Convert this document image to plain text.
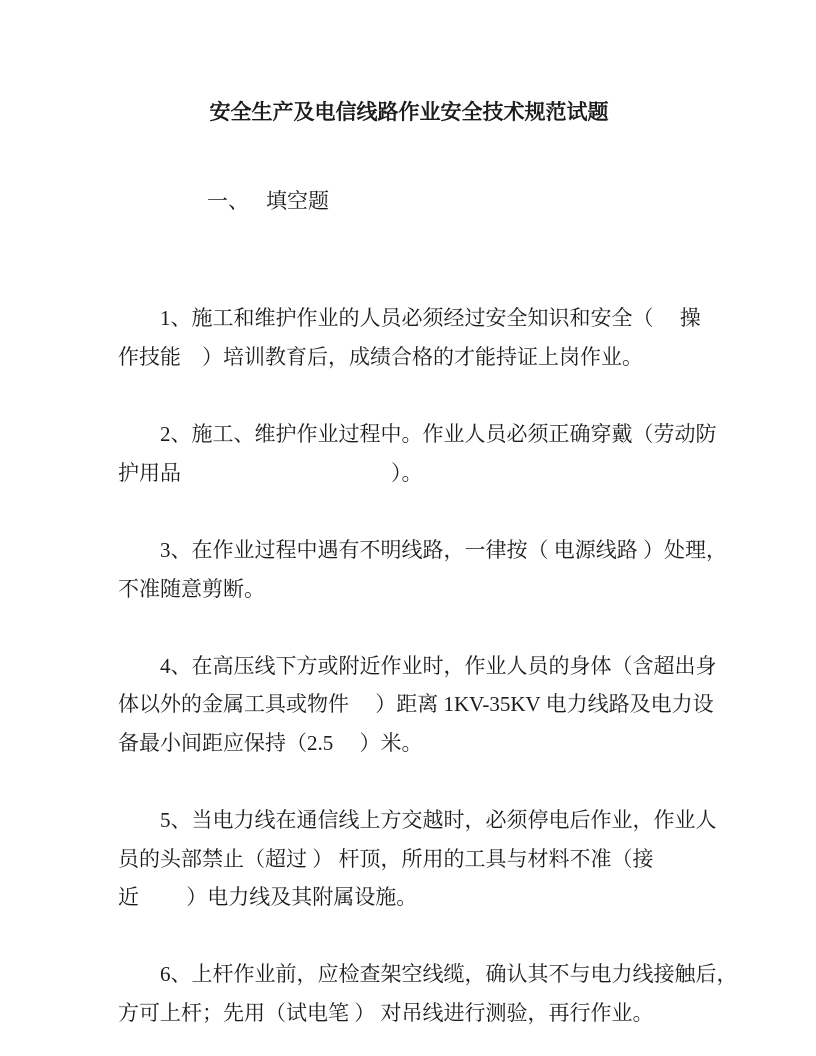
安全生产及电信线路作业安全技术规范试题

一、 填空题

1、施工和维护作业的人员必须经过安全知识和安全（　 操
作技能　）培训教育后，成绩合格的才能持证上岗作业。
2、施工、维护作业过程中。作业人员必须正确穿戴（劳动防
护用品　　　　　　　　　　）。
3、在作业过程中遇有不明线路，一律按（ 电源线路 ）处理，
不准随意剪断。
4、在高压线下方或附近作业时，作业人员的身体（含超出身
体以外的金属工具或物件　 ）距离 1KV-35KV 电力线路及电力设
备最小间距应保持（2.5　 ）米。
5、当电力线在通信线上方交越时，必须停电后作业，作业人
员的头部禁止（超过 ） 杆顶，所用的工具与材料不准（接
近　　 ）电力线及其附属设施。
6、上杆作业前，应检查架空线缆，确认其不与电力线接触后，
方可上杆；先用（试电笔 ） 对吊线进行测验，再行作业。
